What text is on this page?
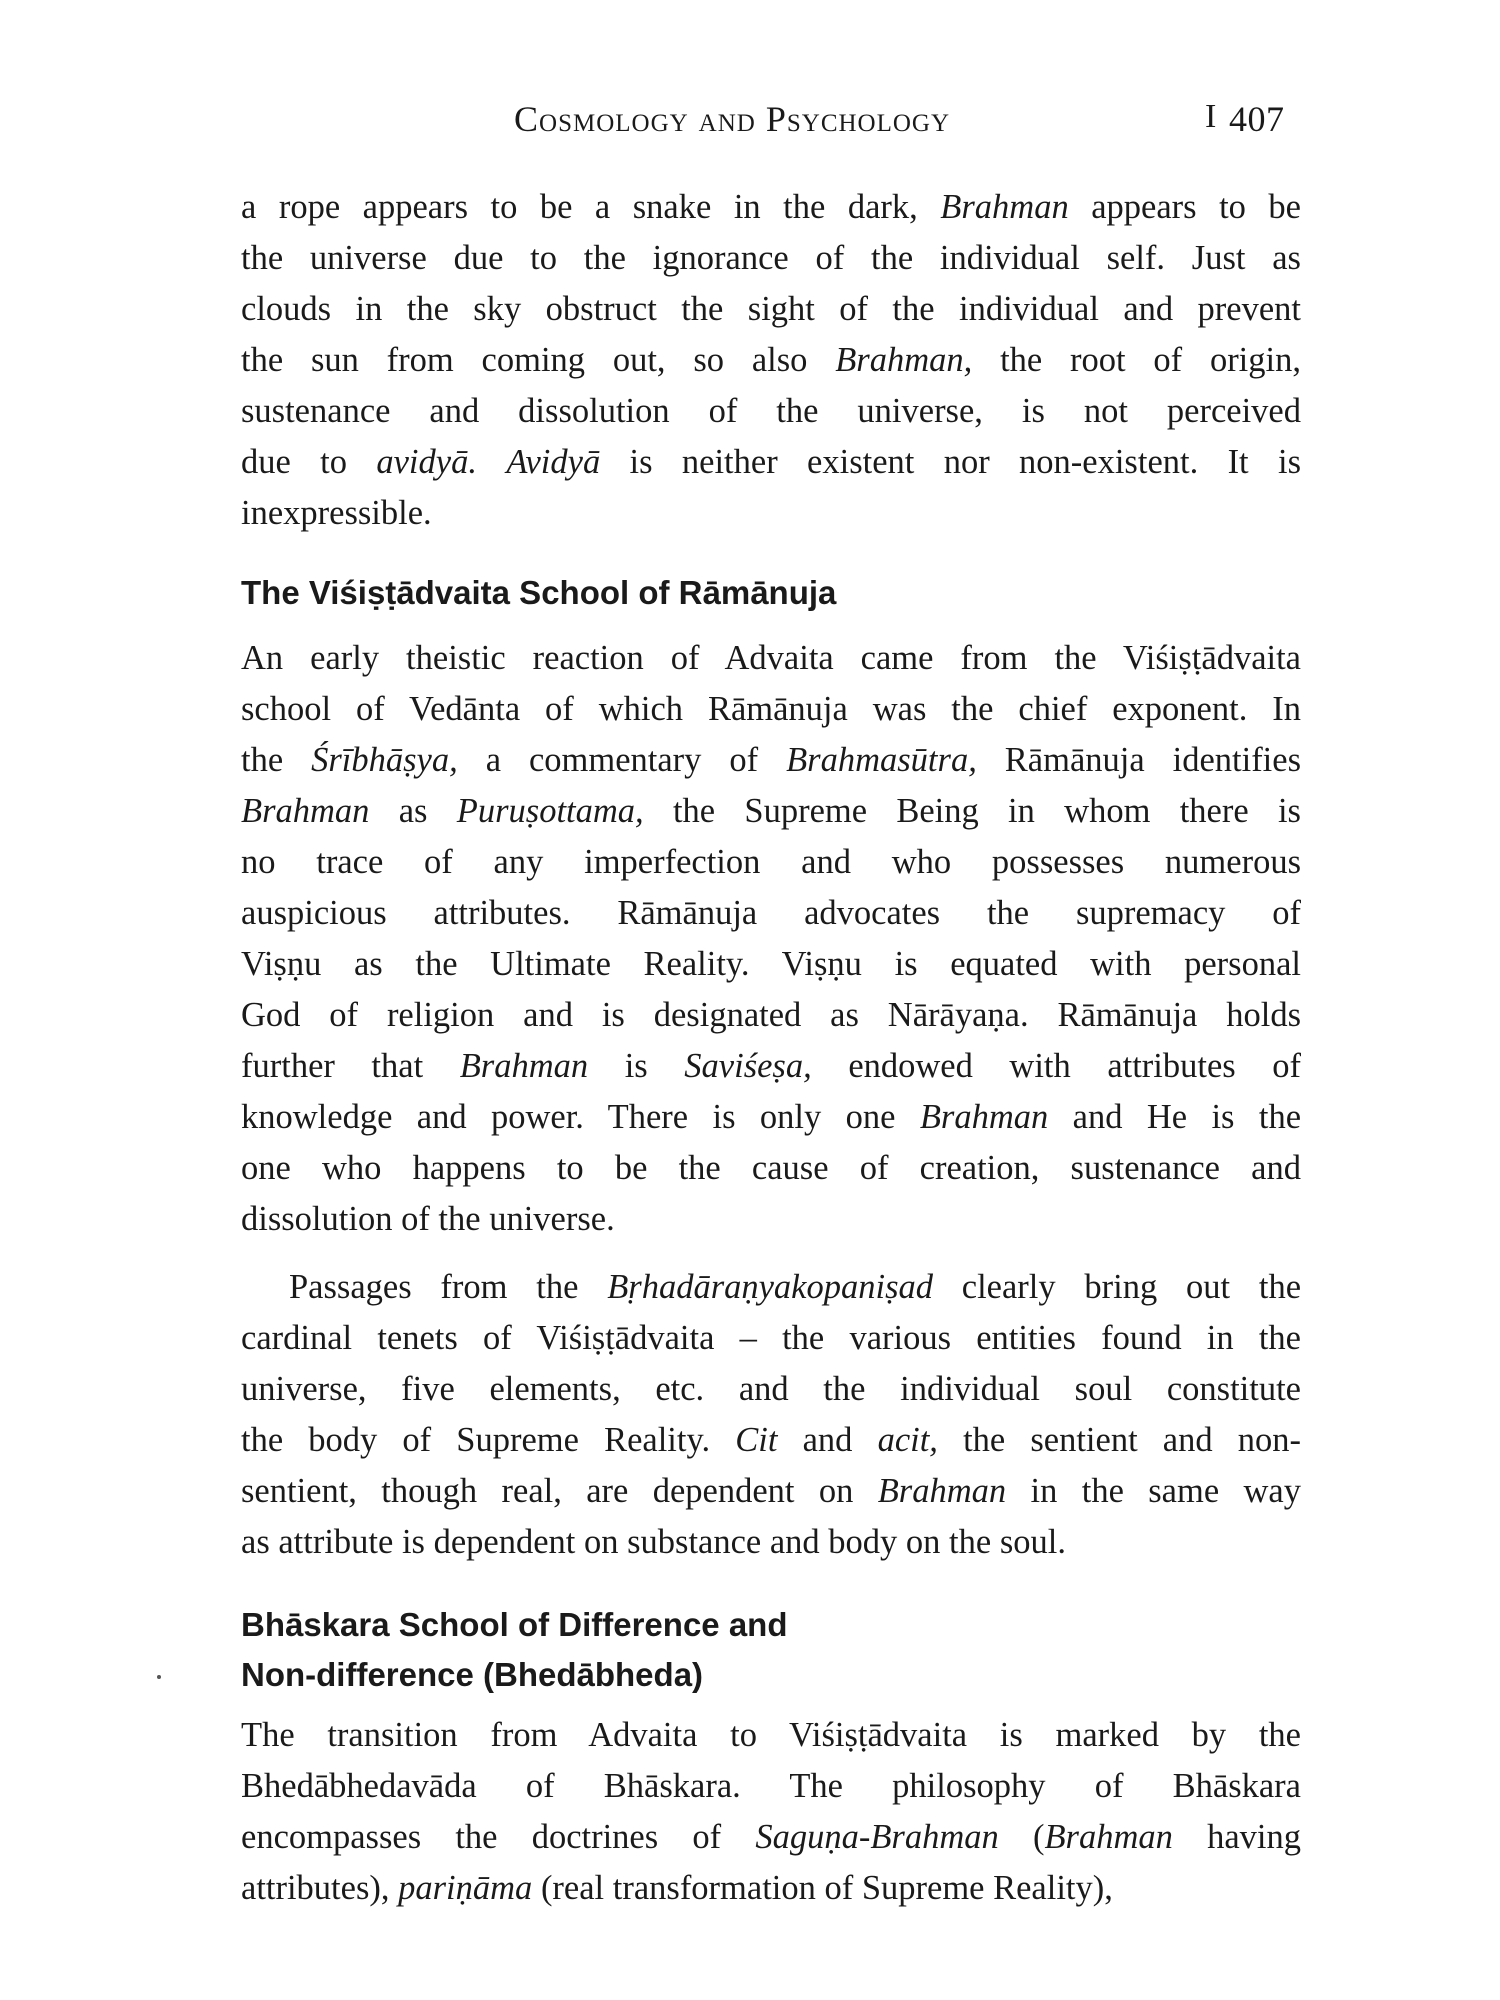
Cosmology and Psychology	I 407
a rope appears to be a snake in the dark, Brahman appears to be
the universe due to the ignorance of the individual self. Just as
clouds in the sky obstruct the sight of the individual and prevent
the sun from coming out, so also Brahman, the root of origin,
sustenance and dissolution of the universe, is not perceived
due to avidyā. Avidyā is neither existent nor non-existent. It is
inexpressible.
The Viśiṣṭādvaita School of Rāmānuja
An early theistic reaction of Advaita came from the Viśiṣṭādvaita
school of Vedānta of which Rāmānuja was the chief exponent. In
the Śrībhāṣya, a commentary of Brahmasūtra, Rāmānuja identifies
Brahman as Puruṣottama, the Supreme Being in whom there is
no trace of any imperfection and who possesses numerous
auspicious attributes. Rāmānuja advocates the supremacy of
Viṣṇu as the Ultimate Reality. Viṣṇu is equated with personal
God of religion and is designated as Nārāyaṇa. Rāmānuja holds
further that Brahman is Saviśeṣa, endowed with attributes of
knowledge and power. There is only one Brahman and He is the
one who happens to be the cause of creation, sustenance and
dissolution of the universe.
Passages from the Bṛhadāraṇyakopaniṣad clearly bring out the
cardinal tenets of Viśiṣṭādvaita – the various entities found in the
universe, five elements, etc. and the individual soul constitute
the body of Supreme Reality. Cit and acit, the sentient and non-
sentient, though real, are dependent on Brahman in the same way
as attribute is dependent on substance and body on the soul.
Bhāskara School of Difference and
Non-difference (Bhedābheda)
The transition from Advaita to Viśiṣṭādvaita is marked by the
Bhedābhedavāda of Bhāskara. The philosophy of Bhāskara
encompasses the doctrines of Saguṇa-Brahman (Brahman having
attributes), pariṇāma (real transformation of Supreme Reality),
